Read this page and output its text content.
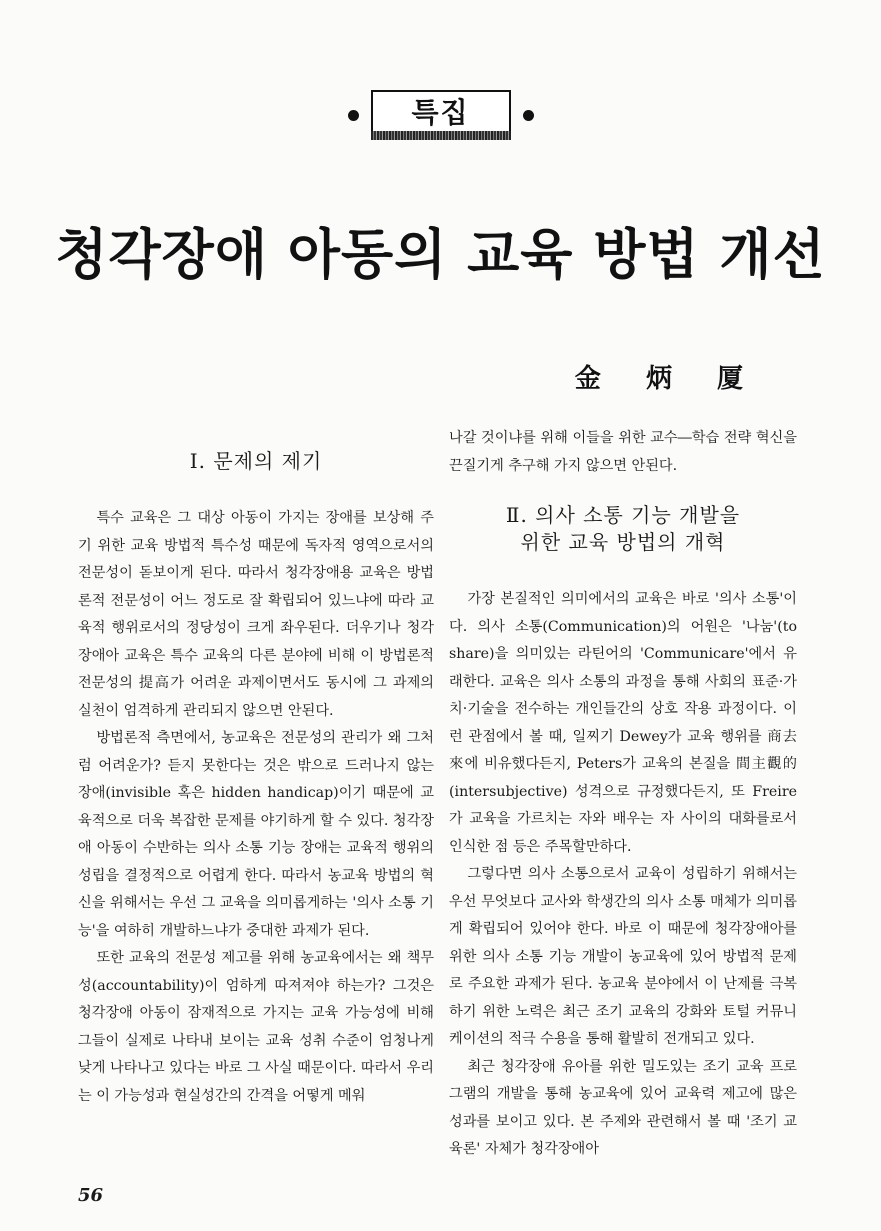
특집
청각장애 아동의 교육 방법 개선
金 炳 厦
Ⅰ. 문제의 제기

특수 교육은 그 대상 아동이 가지는 장애를 보상해 주기 위한 교육 방법적 특수성 때문에 독자적 영역으로서의 전문성이 돋보이게 된다. 따라서 청각장애용 교육은 방법론적 전문성이 어느 정도로 잘 확립되어 있느냐에 따라 교육적 행위로서의 정당성이 크게 좌우된다. 더우기나 청각장애아 교육은 특수 교육의 다른 분야에 비해 이 방법론적 전문성의 提高가 어려운 과제이면서도 동시에 그 과제의 실천이 엄격하게 관리되지 않으면 안된다.

방법론적 측면에서, 농교육은 전문성의 관리가 왜 그처럼 어려운가? 듣지 못한다는 것은 밖으로 드러나지 않는 장애(invisible 혹은 hidden handicap)이기 때문에 교육적으로 더욱 복잡한 문제를 야기하게 할 수 있다. 청각장애 아동이 수반하는 의사 소통 기능 장애는 교육적 행위의 성립을 결정적으로 어렵게 한다. 따라서 농교육 방법의 혁신을 위해서는 우선 그 교육을 의미롭게하는 '의사 소통 기능'을 여하히 개발하느냐가 중대한 과제가 된다.

또한 교육의 전문성 제고를 위해 농교육에서는 왜 책무성(accountability)이 엄하게 따져져야 하는가? 그것은 청각장애 아동이 잠재적으로 가지는 교육 가능성에 비해 그들이 실제로 나타내 보이는 교육 성취 수준이 엄청나게 낮게 나타나고 있다는 바로 그 사실 때문이다. 따라서 우리는 이 가능성과 현실성간의 간격을 어떻게 메워

나갈 것이냐를 위해 이들을 위한 교수―학습 전략 혁신을 끈질기게 추구해 가지 않으면 안된다.

Ⅱ. 의사 소통 기능 개발을
위한 교육 방법의 개혁

가장 본질적인 의미에서의 교육은 바로 '의사 소통'이다. 의사 소통(Communication)의 어원은 '나눔'(to share)을 의미있는 라틴어의 'Communicare'에서 유래한다. 교육은 의사 소통의 과정을 통해 사회의 표준·가치·기술을 전수하는 개인들간의 상호 작용 과정이다. 이런 관점에서 볼 때, 일찌기 Dewey가 교육 행위를 商去來에 비유했다든지, Peters가 교육의 본질을 間主觀的(intersubjective) 성격으로 규정했다든지, 또 Freire가 교육을 가르치는 자와 배우는 자 사이의 대화를로서 인식한 점 등은 주목할만하다.

그렇다면 의사 소통으로서 교육이 성립하기 위해서는 우선 무엇보다 교사와 학생간의 의사 소통 매체가 의미롭게 확립되어 있어야 한다. 바로 이 때문에 청각장애아를 위한 의사 소통 기능 개발이 농교육에 있어 방법적 문제로 주요한 과제가 된다. 농교육 분야에서 이 난제를 극복하기 위한 노력은 최근 조기 교육의 강화와 토털 커뮤니케이션의 적극 수용을 통해 활발히 전개되고 있다.

최근 청각장애 유아를 위한 밀도있는 조기 교육 프로그램의 개발을 통해 농교육에 있어 교육력 제고에 많은 성과를 보이고 있다. 본 주제와 관련해서 볼 때 '조기 교육론' 자체가 청각장애아

56
